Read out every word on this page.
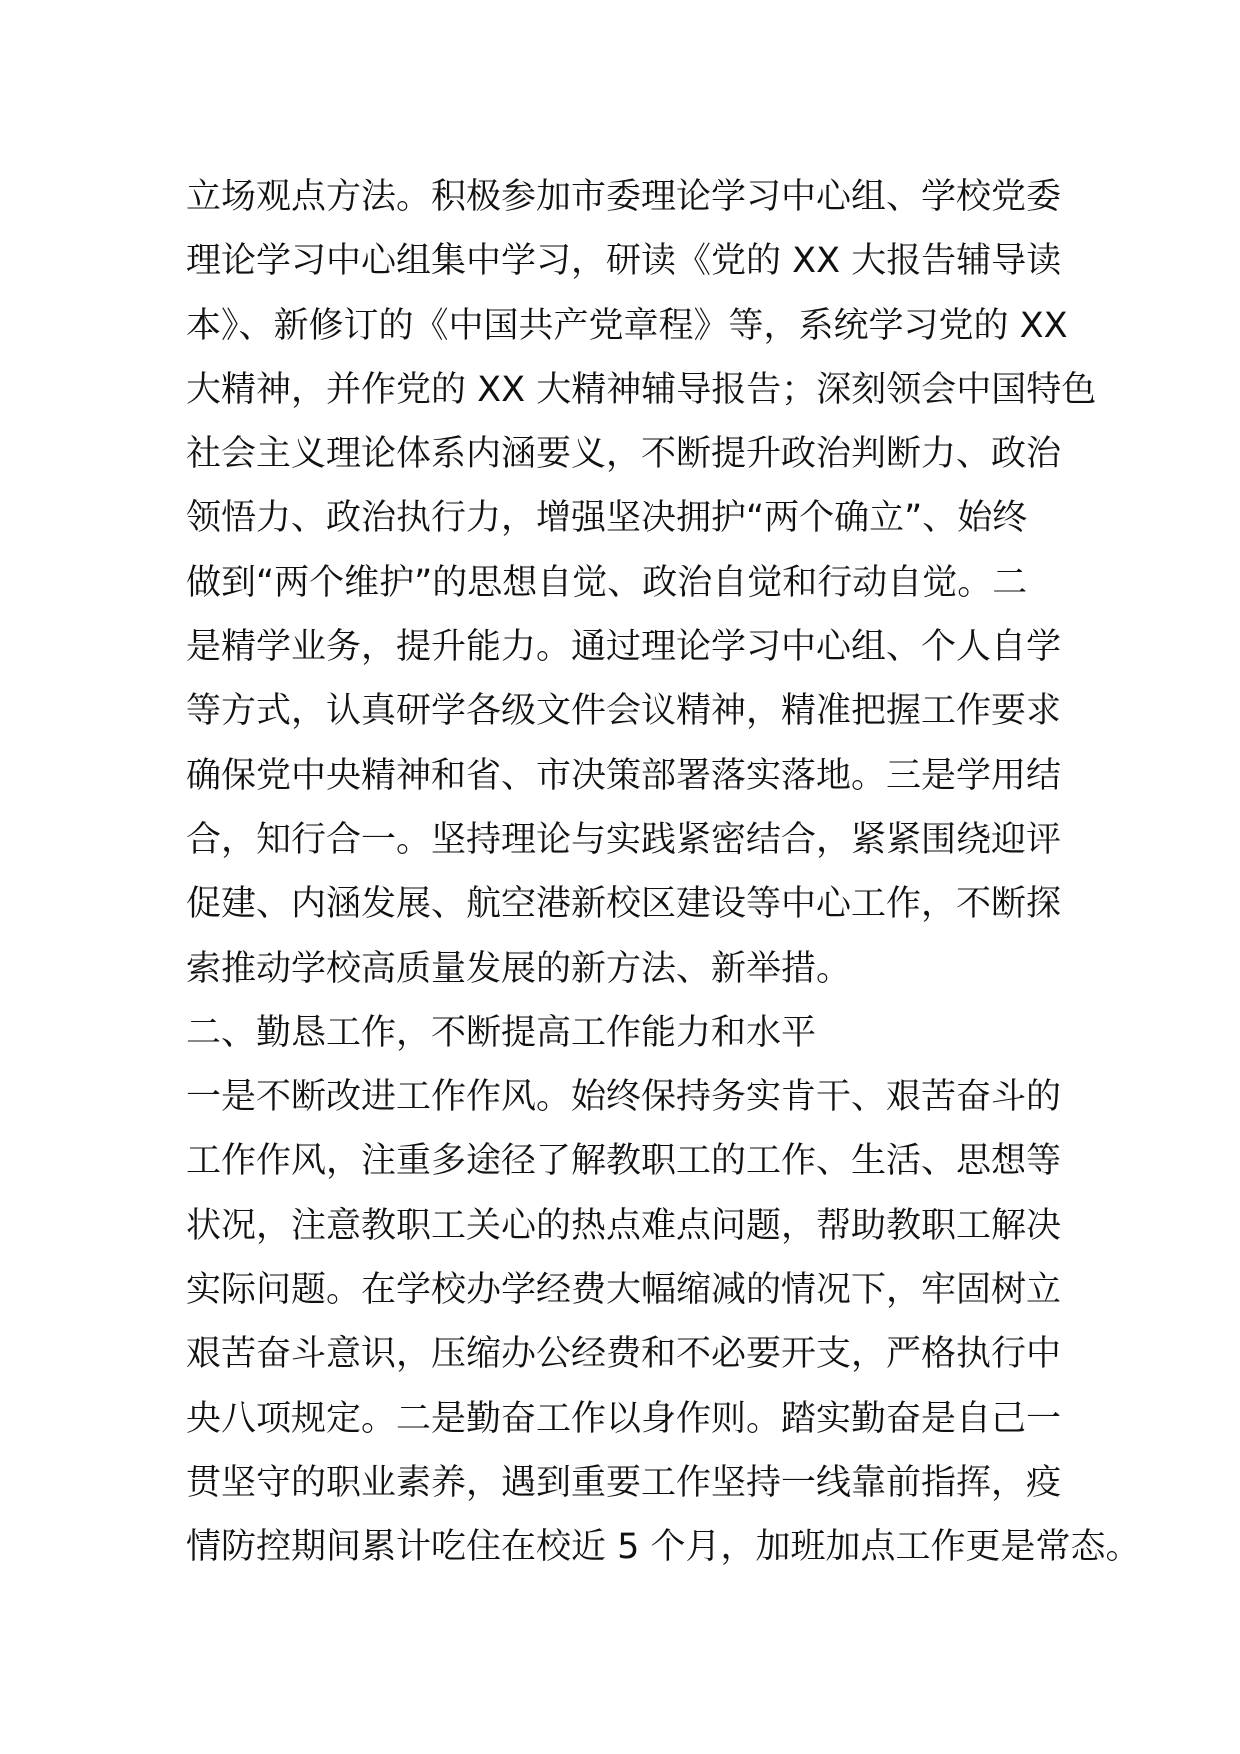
立场观点方法。积极参加市委理论学习中心组、学校党委
理论学习中心组集中学习，研读《党的 XX 大报告辅导读
本》、新修订的《中国共产党章程》等，系统学习党的 XX
大精神，并作党的 XX 大精神辅导报告；深刻领会中国特色
社会主义理论体系内涵要义，不断提升政治判断力、政治
领悟力、政治执行力，增强坚决拥护“两个确立”、始终
做到“两个维护”的思想自觉、政治自觉和行动自觉。二
是精学业务，提升能力。通过理论学习中心组、个人自学
等方式，认真研学各级文件会议精神，精准把握工作要求
确保党中央精神和省、市决策部署落实落地。三是学用结
合，知行合一。坚持理论与实践紧密结合，紧紧围绕迎评
促建、内涵发展、航空港新校区建设等中心工作，不断探
索推动学校高质量发展的新方法、新举措。
二、勤恳工作，不断提高工作能力和水平
一是不断改进工作作风。始终保持务实肯干、艰苦奋斗的
工作作风，注重多途径了解教职工的工作、生活、思想等
状况，注意教职工关心的热点难点问题，帮助教职工解决
实际问题。在学校办学经费大幅缩减的情况下，牢固树立
艰苦奋斗意识，压缩办公经费和不必要开支，严格执行中
央八项规定。二是勤奋工作以身作则。踏实勤奋是自己一
贯坚守的职业素养，遇到重要工作坚持一线靠前指挥，疫
情防控期间累计吃住在校近 5 个月，加班加点工作更是常态。
